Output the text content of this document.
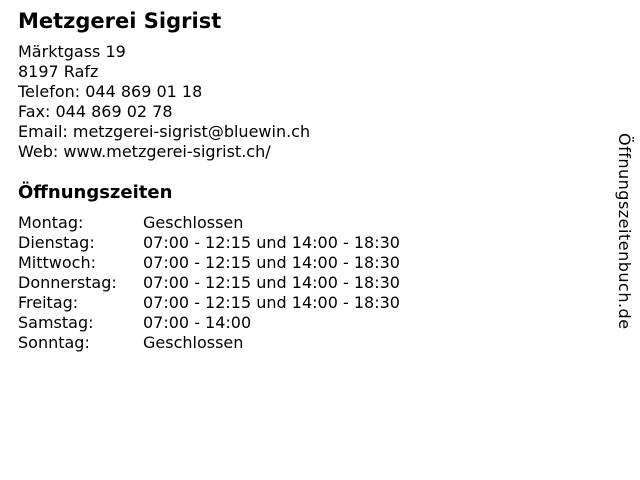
Metzgerei Sigrist
Märktgass 19
8197 Rafz
Telefon: 044 869 01 18
Fax: 044 869 02 78
Email: metzgerei-sigrist@bluewin.ch
Web: www.metzgerei-sigrist.ch/
Öffnungszeiten
Montag:	Geschlossen
Dienstag:	07:00 - 12:15 und 14:00 - 18:30
Mittwoch:	07:00 - 12:15 und 14:00 - 18:30
Donnerstag:	07:00 - 12:15 und 14:00 - 18:30
Freitag:	07:00 - 12:15 und 14:00 - 18:30
Samstag:	07:00 - 14:00
Sonntag:	Geschlossen
Öffnungszeitenbuch.de
